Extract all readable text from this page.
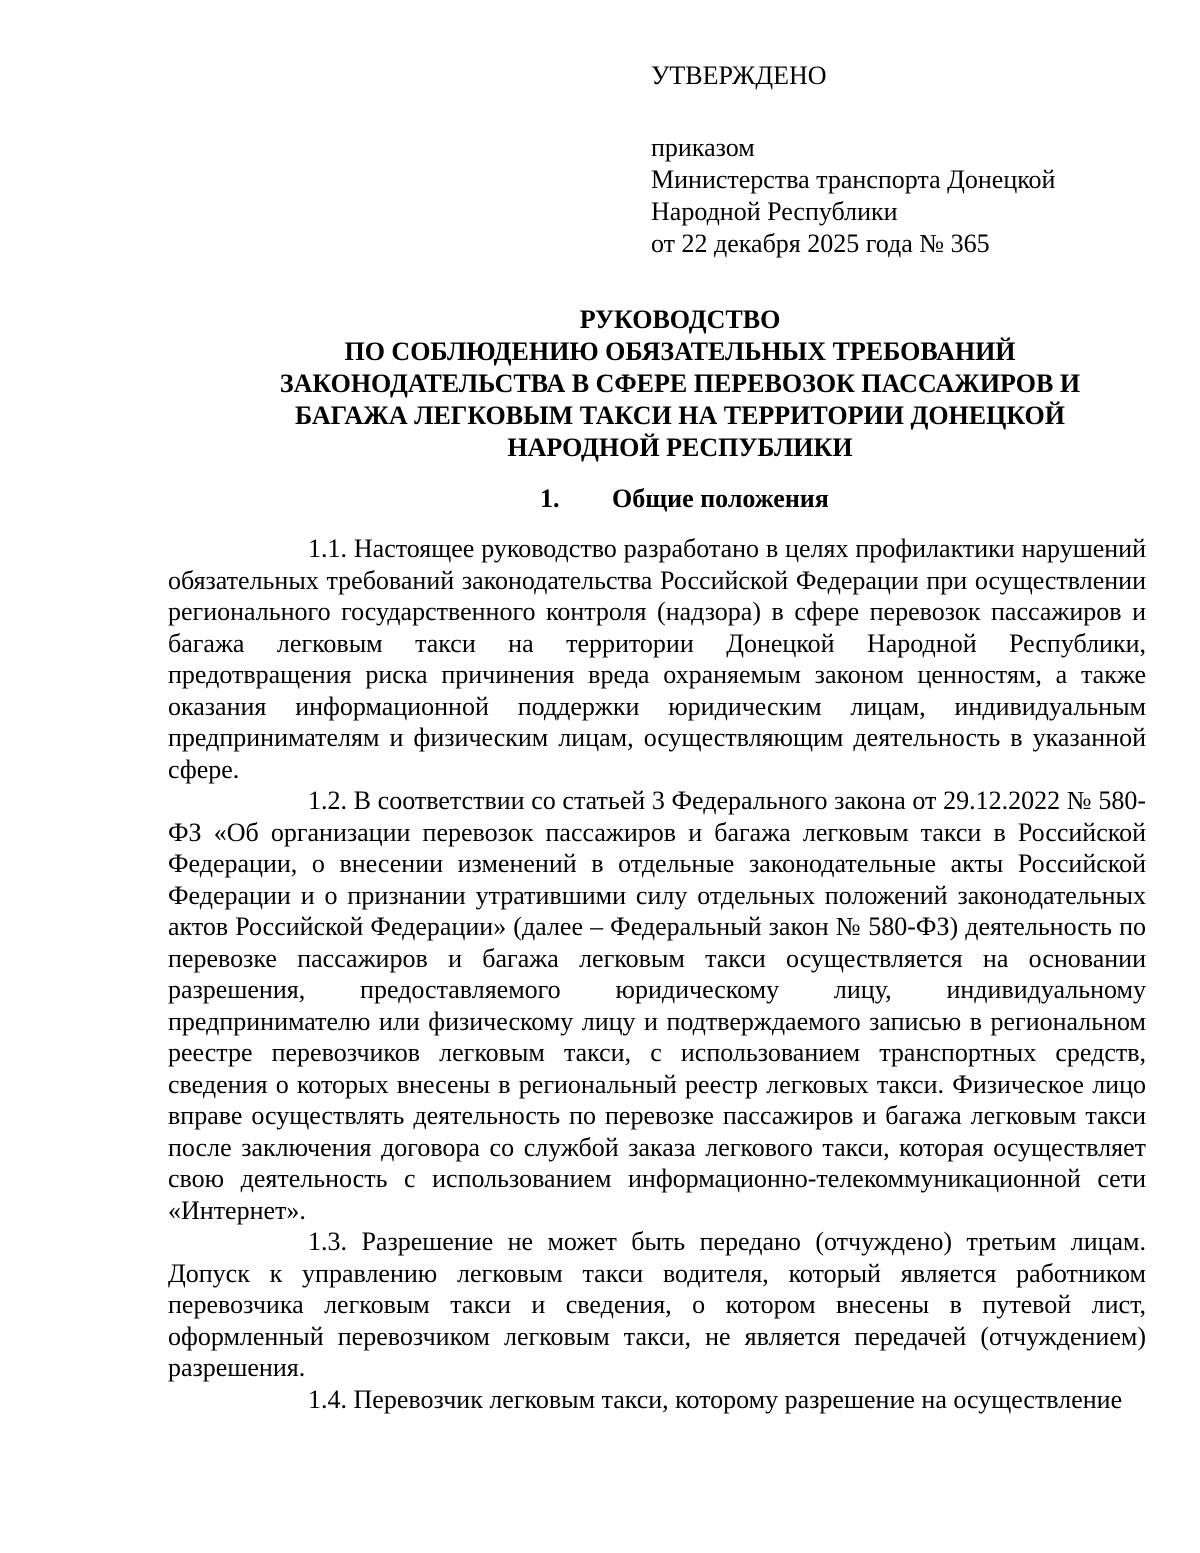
УТВЕРЖДЕНО
приказом
Министерства транспорта Донецкой
Народной Республики
от 22 декабря 2025 года № 365
РУКОВОДСТВО
ПО СОБЛЮДЕНИЮ ОБЯЗАТЕЛЬНЫХ ТРЕБОВАНИЙ
ЗАКОНОДАТЕЛЬСТВА В СФЕРЕ ПЕРЕВОЗОК ПАССАЖИРОВ И
БАГАЖА ЛЕГКОВЫМ ТАКСИ НА ТЕРРИТОРИИ ДОНЕЦКОЙ
НАРОДНОЙ РЕСПУБЛИКИ
1. Общие положения

1.1. Настоящее руководство разработано в целях профилактики нарушений обязательных требований законодательства Российской Федерации при осуществлении регионального государственного контроля (надзора) в сфере перевозок пассажиров и багажа легковым такси на территории Донецкой Народной Республики, предотвращения риска причинения вреда охраняемым законом ценностям, а также оказания информационной поддержки юридическим лицам, индивидуальным предпринимателям и физическим лицам, осуществляющим деятельность в указанной сфере.

1.2. В соответствии со статьей 3 Федерального закона от 29.12.2022 № 580-ФЗ «Об организации перевозок пассажиров и багажа легковым такси в Российской Федерации, о внесении изменений в отдельные законодательные акты Российской Федерации и о признании утратившими силу отдельных положений законодательных актов Российской Федерации» (далее – Федеральный закон № 580-ФЗ) деятельность по перевозке пассажиров и багажа легковым такси осуществляется на основании разрешения, предоставляемого юридическому лицу, индивидуальному предпринимателю или физическому лицу и подтверждаемого записью в региональном реестре перевозчиков легковым такси, с использованием транспортных средств, сведения о которых внесены в региональный реестр легковых такси. Физическое лицо вправе осуществлять деятельность по перевозке пассажиров и багажа легковым такси после заключения договора со службой заказа легкового такси, которая осуществляет свою деятельность с использованием информационно-телекоммуникационной сети «Интернет».

1.3. Разрешение не может быть передано (отчуждено) третьим лицам. Допуск к управлению легковым такси водителя, который является работником перевозчика легковым такси и сведения, о котором внесены в путевой лист, оформленный перевозчиком легковым такси, не является передачей (отчуждением) разрешения.

1.4. Перевозчик легковым такси, которому разрешение на осуществление
